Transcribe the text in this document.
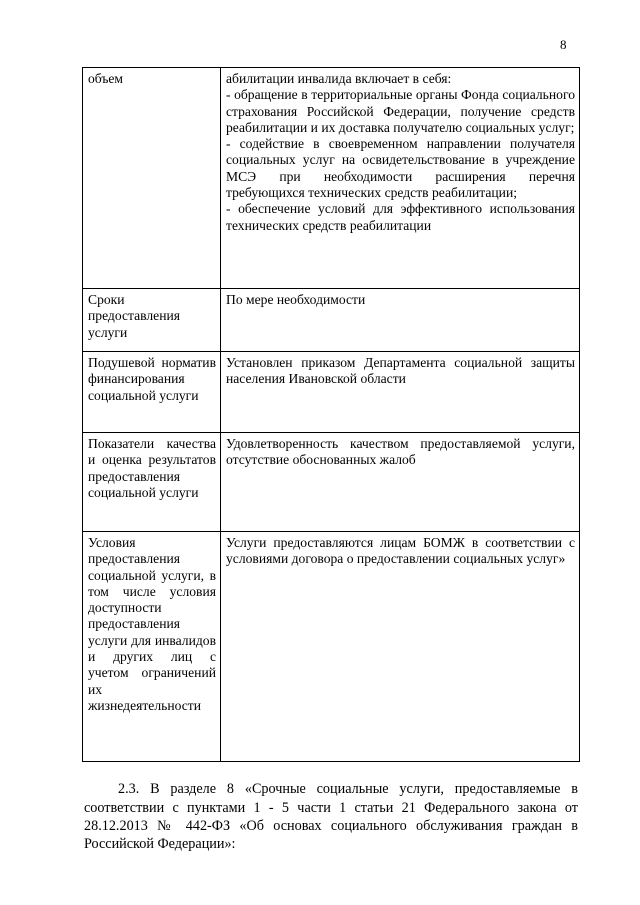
8
объем	абилитации инвалида включает в себя:
- обращение в территориальные органы Фонда социального страхования Российской Федерации, получение средств реабилитации и их доставка получателю социальных услуг;
- содействие в своевременном направлении получателя социальных услуг на освидетельствование в учреждение МСЭ при необходимости расширения перечня требующихся технических средств реабилитации;
- обеспечение условий для эффективного использования технических средств реабилитации

Сроки предоставления услуги	По мере необходимости
Подушевой норматив финансирования социальной услуги	Установлен приказом Департамента социальной защиты населения Ивановской области
Показатели качества и оценка результатов предоставления социальной услуги	Удовлетворенность качеством предоставляемой услуги, отсутствие обоснованных жалоб
Условия предоставления социальной услуги, в том числе условия доступности предоставления услуги для инвалидов и других лиц с учетом ограничений их жизнедеятельности	Услуги предоставляются лицам БОМЖ в соответствии с условиями договора о предоставлении социальных услуг»

2.3. В разделе 8 «Срочные социальные услуги, предоставляемые в соответствии с пунктами 1 - 5 части 1 статьи 21 Федерального закона от 28.12.2013 № 442-ФЗ «Об основах социального обслуживания граждан в Российской Федерации»:
